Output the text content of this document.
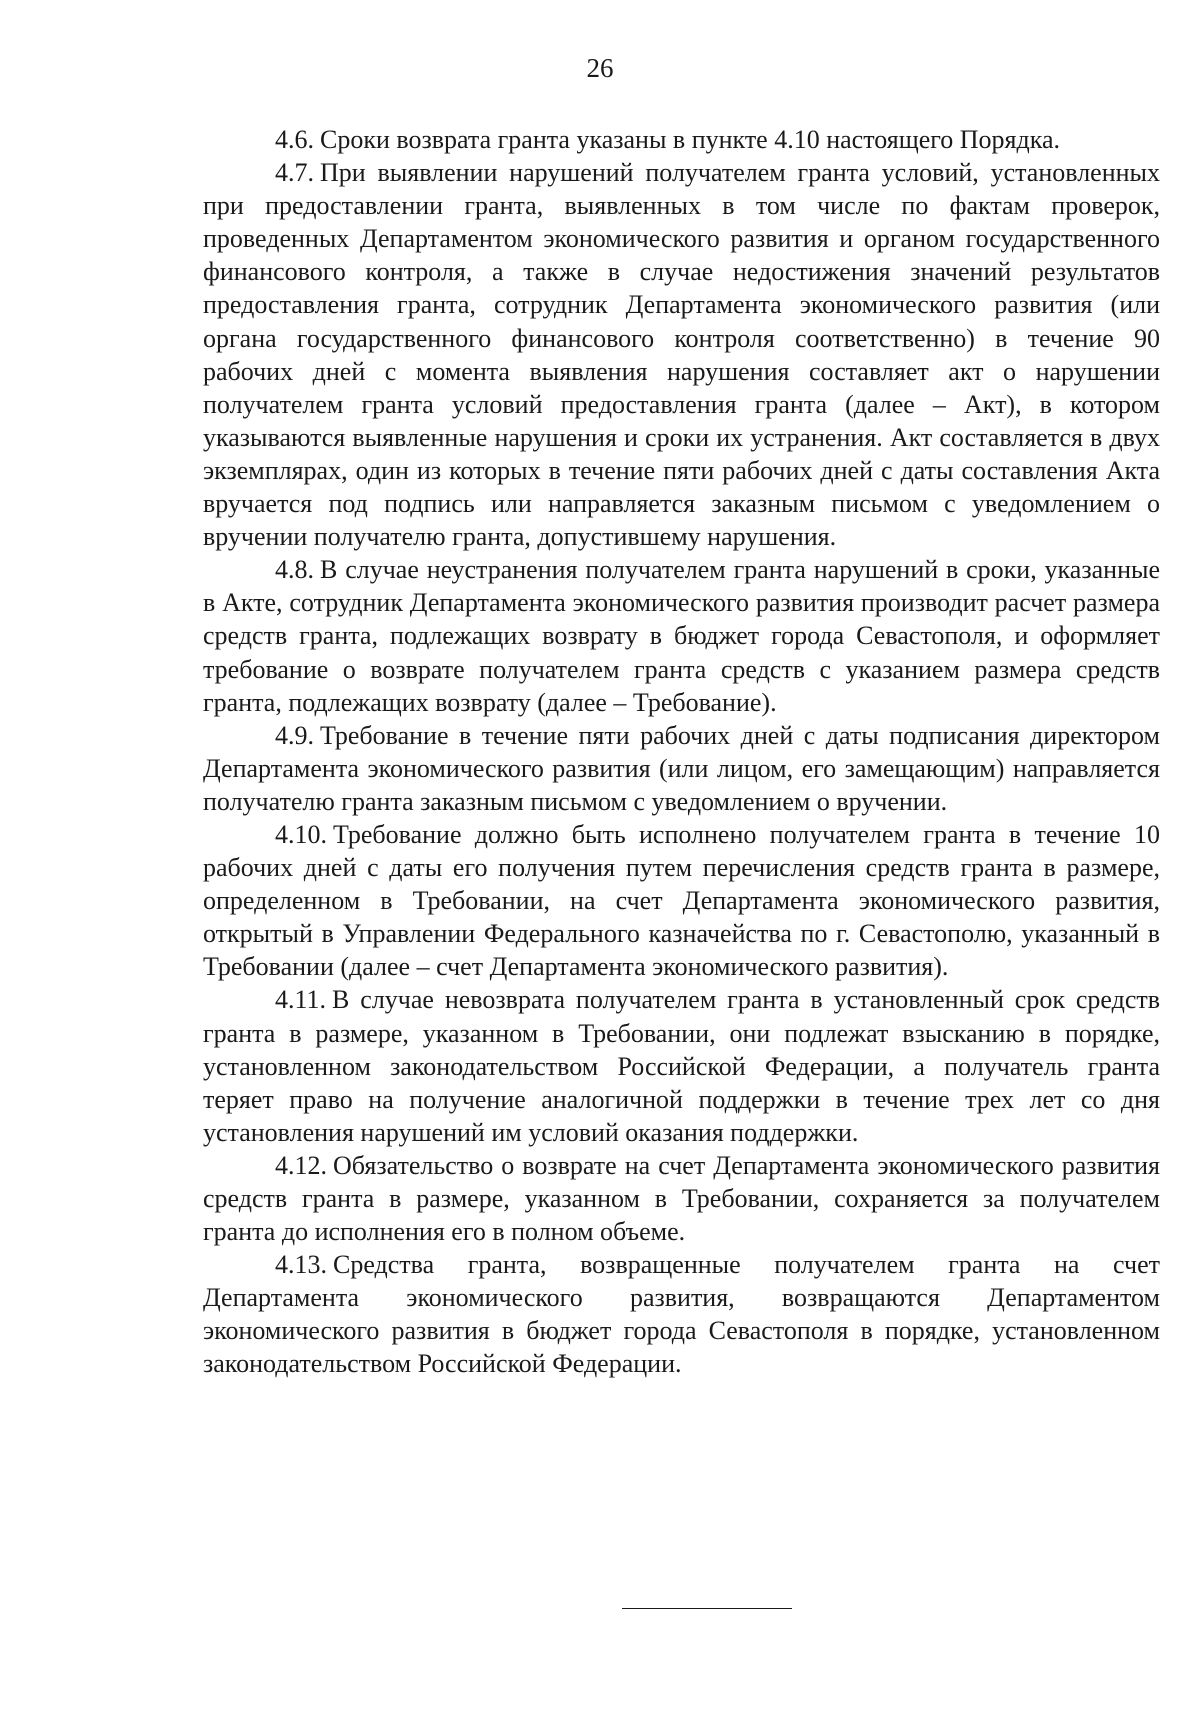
26

4.6. Сроки возврата гранта указаны в пункте 4.10 настоящего Порядка.

4.7. При выявлении нарушений получателем гранта условий, установленных при предоставлении гранта, выявленных в том числе по фактам проверок, проведенных Департаментом экономического развития и органом государственного финансового контроля, а также в случае недостижения значений результатов предоставления гранта, сотрудник Департамента экономического развития (или органа государственного финансового контроля соответственно) в течение 90 рабочих дней с момента выявления нарушения составляет акт о нарушении получателем гранта условий предоставления гранта (далее – Акт), в котором указываются выявленные нарушения и сроки их устранения. Акт составляется в двух экземплярах, один из которых в течение пяти рабочих дней с даты составления Акта вручается под подпись или направляется заказным письмом с уведомлением о вручении получателю гранта, допустившему нарушения.

4.8. В случае неустранения получателем гранта нарушений в сроки, указанные в Акте, сотрудник Департамента экономического развития производит расчет размера средств гранта, подлежащих возврату в бюджет города Севастополя, и оформляет требование о возврате получателем гранта средств с указанием размера средств гранта, подлежащих возврату (далее – Требование).

4.9. Требование в течение пяти рабочих дней с даты подписания директором Департамента экономического развития (или лицом, его замещающим) направляется получателю гранта заказным письмом с уведомлением о вручении.

4.10. Требование должно быть исполнено получателем гранта в течение 10 рабочих дней с даты его получения путем перечисления средств гранта в размере, определенном в Требовании, на счет Департамента экономического развития, открытый в Управлении Федерального казначейства по г. Севастополю, указанный в Требовании (далее – счет Департамента экономического развития).

4.11. В случае невозврата получателем гранта в установленный срок средств гранта в размере, указанном в Требовании, они подлежат взысканию в порядке, установленном законодательством Российской Федерации, а получатель гранта теряет право на получение аналогичной поддержки в течение трех лет со дня установления нарушений им условий оказания поддержки.

4.12. Обязательство о возврате на счет Департамента экономического развития средств гранта в размере, указанном в Требовании, сохраняется за получателем гранта до исполнения его в полном объеме.

4.13. Средства гранта, возвращенные получателем гранта на счет Департамента экономического развития, возвращаются Департаментом экономического развития в бюджет города Севастополя в порядке, установленном законодательством Российской Федерации.
